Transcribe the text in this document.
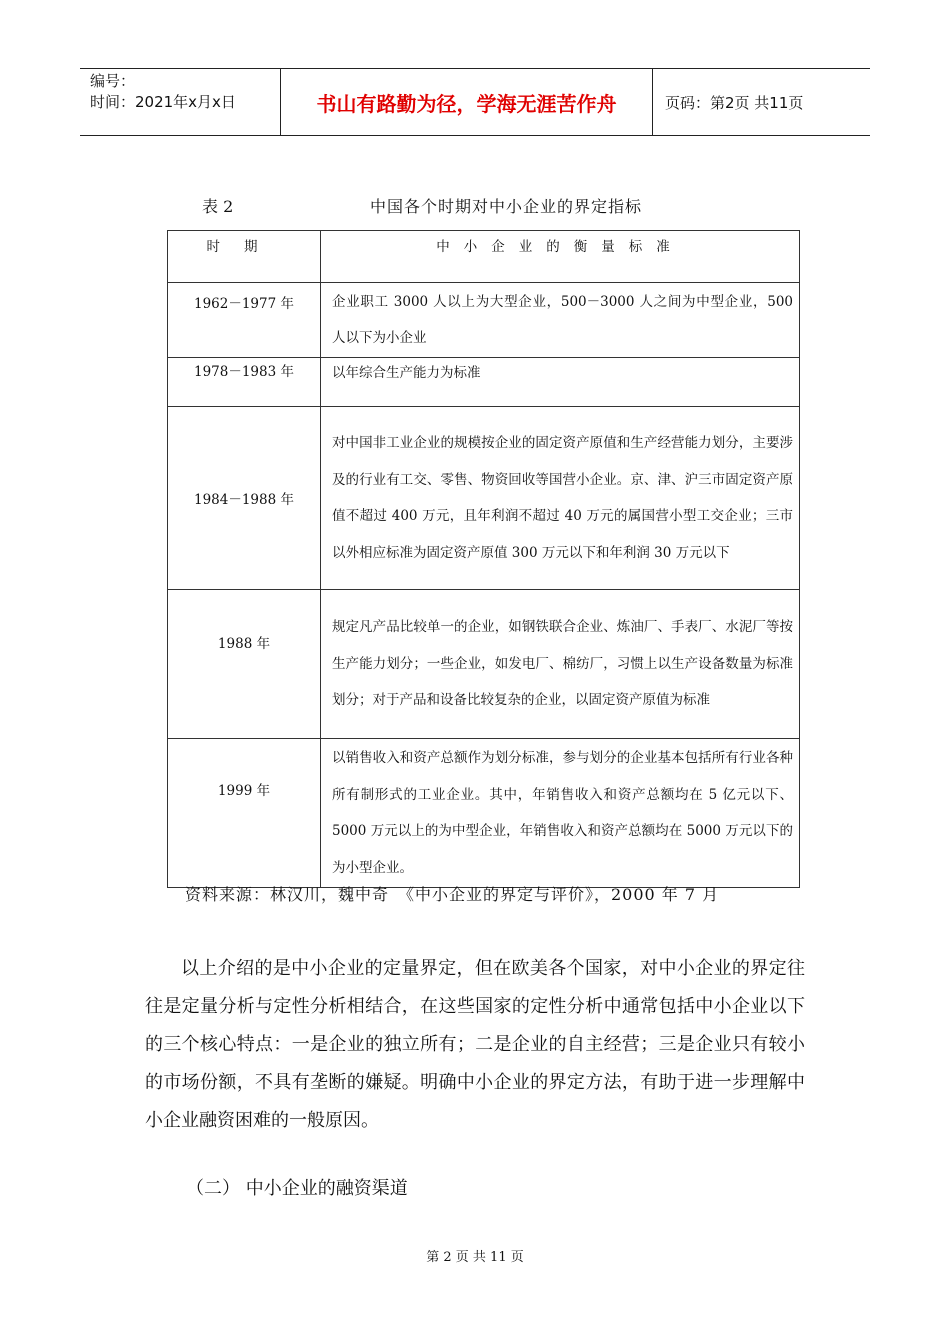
编号：
时间：2021年x月x日	书山有路勤为径，学海无涯苦作舟	页码：第2页 共11页
表 2	中国各个时期对中小企业的界定指标
时期	中小企业的衡量标准
1962－1977 年	企业职工 3000 人以上为大型企业，500－3000 人之间为中型企业，500 人以下为小企业
1978－1983 年	以年综合生产能力为标准
1984－1988 年	对中国非工业企业的规模按企业的固定资产原值和生产经营能力划分，主要涉及的行业有工交、零售、物资回收等国营小企业。京、津、沪三市固定资产原值不超过 400 万元，且年利润不超过 40 万元的属国营小型工交企业；三市以外相应标准为固定资产原值 300 万元以下和年利润 30 万元以下
1988 年	规定凡产品比较单一的企业，如钢铁联合企业、炼油厂、手表厂、水泥厂等按生产能力划分；一些企业，如发电厂、棉纺厂，习惯上以生产设备数量为标准划分；对于产品和设备比较复杂的企业，以固定资产原值为标准
1999 年	以销售收入和资产总额作为划分标准，参与划分的企业基本包括所有行业各种所有制形式的工业企业。其中，年销售收入和资产总额均在 5 亿元以下、5000 万元以上的为中型企业，年销售收入和资产总额均在 5000 万元以下的为小型企业。
资料来源：林汉川，魏中奇　《中小企业的界定与评价》，2000 年 7 月

以上介绍的是中小企业的定量界定，但在欧美各个国家，对中小企业的界定往往是定量分析与定性分析相结合，在这些国家的定性分析中通常包括中小企业以下的三个核心特点：一是企业的独立所有；二是企业的自主经营；三是企业只有较小的市场份额，不具有垄断的嫌疑。明确中小企业的界定方法，有助于进一步理解中小企业融资困难的一般原因。

（二） 中小企业的融资渠道
第 2 页 共 11 页
